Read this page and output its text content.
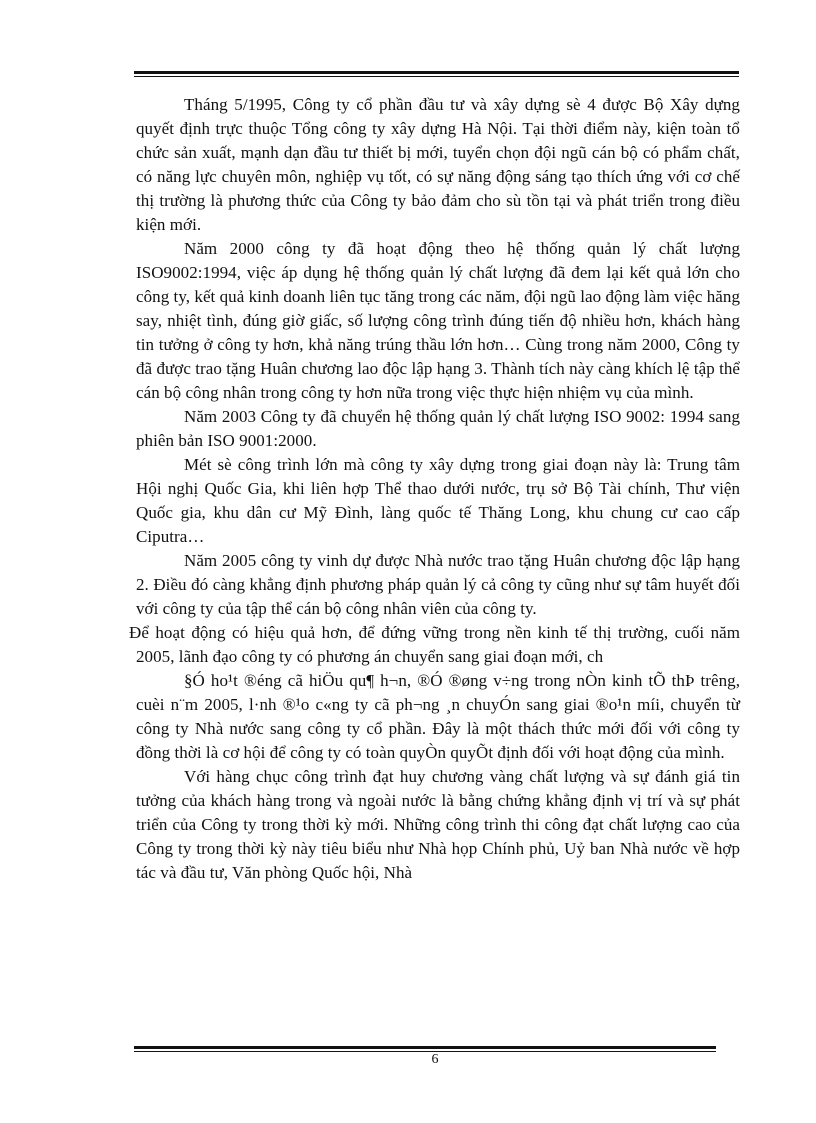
Tháng 5/1995, Công ty cổ phần đầu tư và xây dựng sè 4 được Bộ Xây dựng quyết định trực thuộc Tổng công ty xây dựng Hà Nội. Tại thời điểm này, kiện toàn tổ chức sản xuất, mạnh dạn đầu tư thiết bị mới, tuyển chọn đội ngũ cán bộ có phẩm chất, có năng lực chuyên môn, nghiệp vụ tốt, có sự năng động sáng tạo thích ứng với cơ chế thị trường là phương thức của Công ty bảo đảm cho sù tồn tại và phát triển trong điều kiện mới.

Năm 2000 công ty đã hoạt động theo hệ thống quản lý chất lượng ISO9002:1994, việc áp dụng hệ thống quản lý chất lượng đã đem lại kết quả lớn cho công ty, kết quả kinh doanh liên tục tăng trong các năm, đội ngũ lao động làm việc hăng say, nhiệt tình, đúng giờ giấc, số lượng công trình đúng tiến độ nhiều hơn, khách hàng tin tưởng ở công ty hơn, khả năng trúng thầu lớn hơn… Cùng trong năm 2000, Công ty đã được trao tặng Huân chương lao độc lập hạng 3. Thành tích này càng khích lệ tập thể cán bộ công nhân trong công ty hơn nữa trong việc thực hiện nhiệm vụ của mình.

Năm 2003 Công ty đã chuyển hệ thống quản lý chất lượng ISO 9002: 1994 sang phiên bản ISO 9001:2000.

Mét sè công trình lớn mà công ty xây dựng trong giai đoạn này là: Trung tâm Hội nghị Quốc Gia, khi liên hợp Thể thao dưới nước, trụ sở Bộ Tài chính, Thư viện Quốc gia, khu dân cư Mỹ Đình, làng quốc tế Thăng Long, khu chung cư cao cấp Ciputra…

Năm 2005 công ty vinh dự được Nhà nước trao tặng Huân chương độc lập hạng 2. Điều đó càng khẳng định phương pháp quản lý cả công ty cũng như sự tâm huyết đối với công ty của tập thể cán bộ công nhân viên của công ty.

Để hoạt động có hiệu quả hơn, để đứng vững trong nền kinh tế thị trường, cuối năm 2005, lãnh đạo công ty có phương án chuyển sang giai đoạn mới, ch

§Ó ho¹t ®éng cã hiÖu qu¶ h¬n, ®Ó ®øng v÷ng trong nÒn kinh tÕ thÞ trêng, cuèi n¨m 2005, l·nh ®¹o c«ng ty cã ph¬ng ¸n chuyÓn sang giai ®o¹n míi, chuyển từ công ty Nhà nước sang công ty cổ phần. Đây là một thách thức mới đối với công ty đồng thời là cơ hội để công ty có toàn quyÒn quyÕt định đối với hoạt động của mình.

Với hàng chục công trình đạt huy chương vàng chất lượng và sự đánh giá tin tưởng của khách hàng trong và ngoài nước là bằng chứng khẳng định vị trí và sự phát triển của Công ty trong thời kỳ mới. Những công trình thi công đạt chất lượng cao của Công ty trong thời kỳ này tiêu biểu như Nhà họp Chính phủ, Uỷ ban Nhà nước về hợp tác và đầu tư, Văn phòng Quốc hội, Nhà

6
